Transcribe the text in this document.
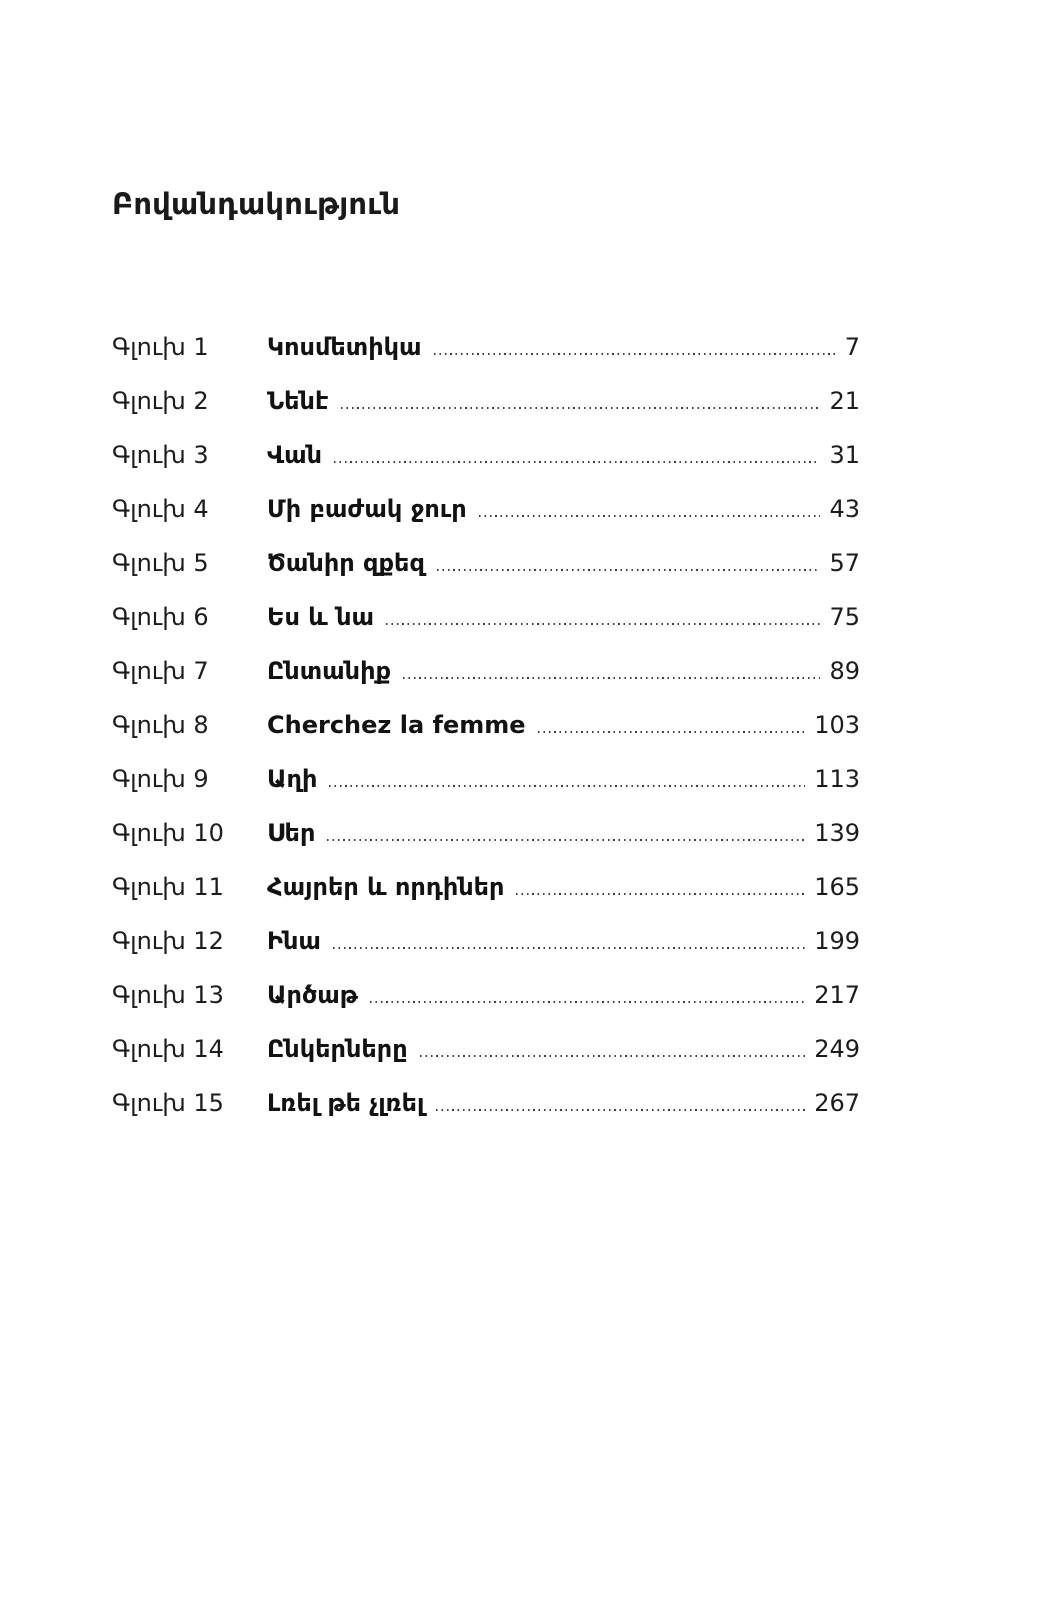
Բովանդակություն
Գլուխ 1	Կոսմետիկա	7
Գլուխ 2	Նենէ	21
Գլուխ 3	Վան	31
Գլուխ 4	Մի բաժակ ջուր	43
Գլուխ 5	Ծանիր զքեզ	57
Գլուխ 6	Ես և նա	75
Գլուխ 7	Ընտանիք	89
Գլուխ 8	Cherchez la femme	103
Գլուխ 9	Աղի	113
Գլուխ 10	Սեր	139
Գլուխ 11	Հայրեր և որդիներ	165
Գլուխ 12	Ինա	199
Գլուխ 13	Արծաթ	217
Գլուխ 14	Ընկերները	249
Գլուխ 15	Լռել թե չլռել	267
